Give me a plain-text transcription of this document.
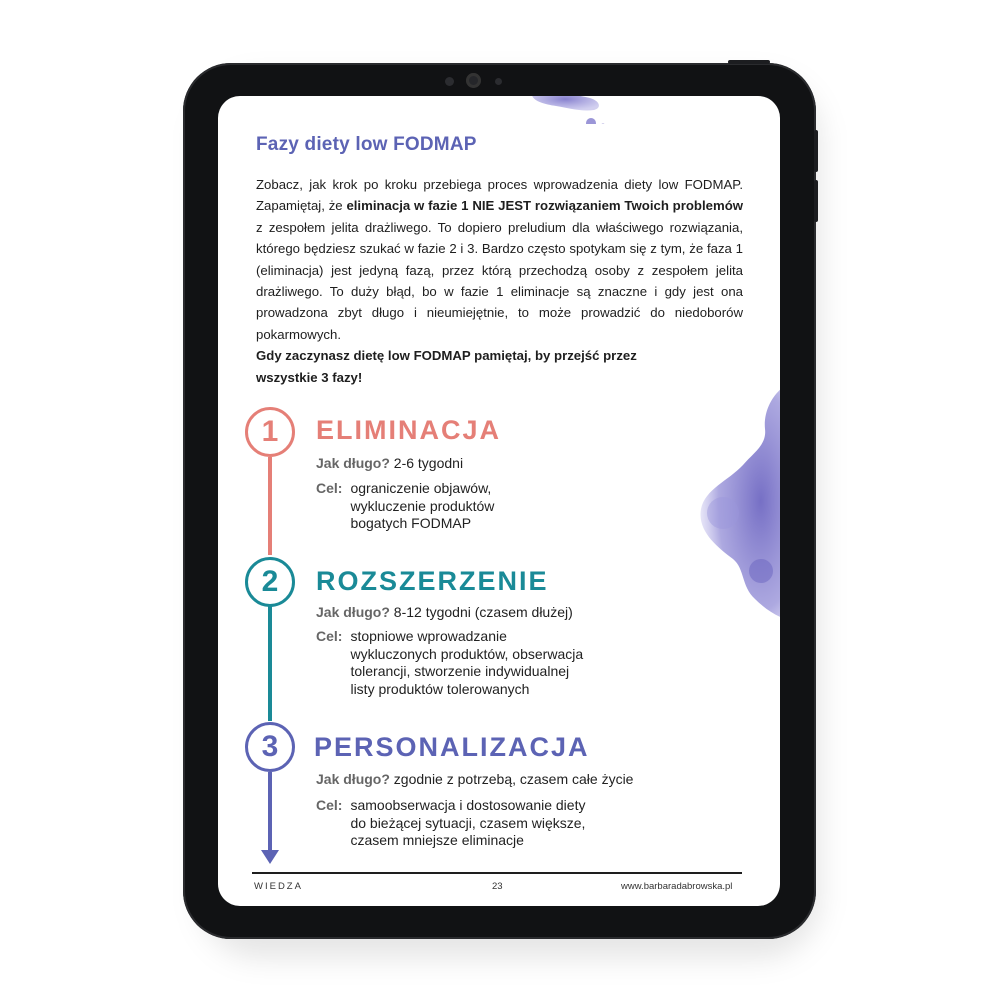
Fazy diety low FODMAP
Zobacz, jak krok po kroku przebiega proces wprowadzenia diety low FODMAP. Zapamiętaj, że eliminacja w fazie 1 NIE JEST rozwiązaniem Twoich problemów z zespołem jelita drażliwego. To dopiero preludium dla właściwego rozwiązania, którego będziesz szukać w fazie 2 i 3. Bardzo często spotykam się z tym, że faza 1 (eliminacja) jest jedyną fazą, przez którą przechodzą osoby z zespołem jelita drażliwego. To duży błąd, bo w fazie 1 eliminacje są znaczne i gdy jest ona prowadzona zbyt długo i nieumiejętnie, to może prowadzić do niedoborów pokarmowych.
Gdy zaczynasz dietę low FODMAP pamiętaj, by przejść przez wszystkie 3 fazy!
1	ELIMINACJA
Jak długo? 2-6 tygodni
Cel: ograniczenie objawów,
wykluczenie produktów
bogatych FODMAP
2	ROZSZERZENIE
Jak długo? 8-12 tygodni (czasem dłużej)
Cel: stopniowe wprowadzanie
wykluczonych produktów, obserwacja
tolerancji, stworzenie indywidualnej
listy produktów tolerowanych
3	PERSONALIZACJA
Jak długo? zgodnie z potrzebą, czasem całe życie
Cel: samoobserwacja i dostosowanie diety
do bieżącej sytuacji, czasem większe,
czasem mniejsze eliminacje
WIEDZA	23	www.barbaradabrowska.pl
